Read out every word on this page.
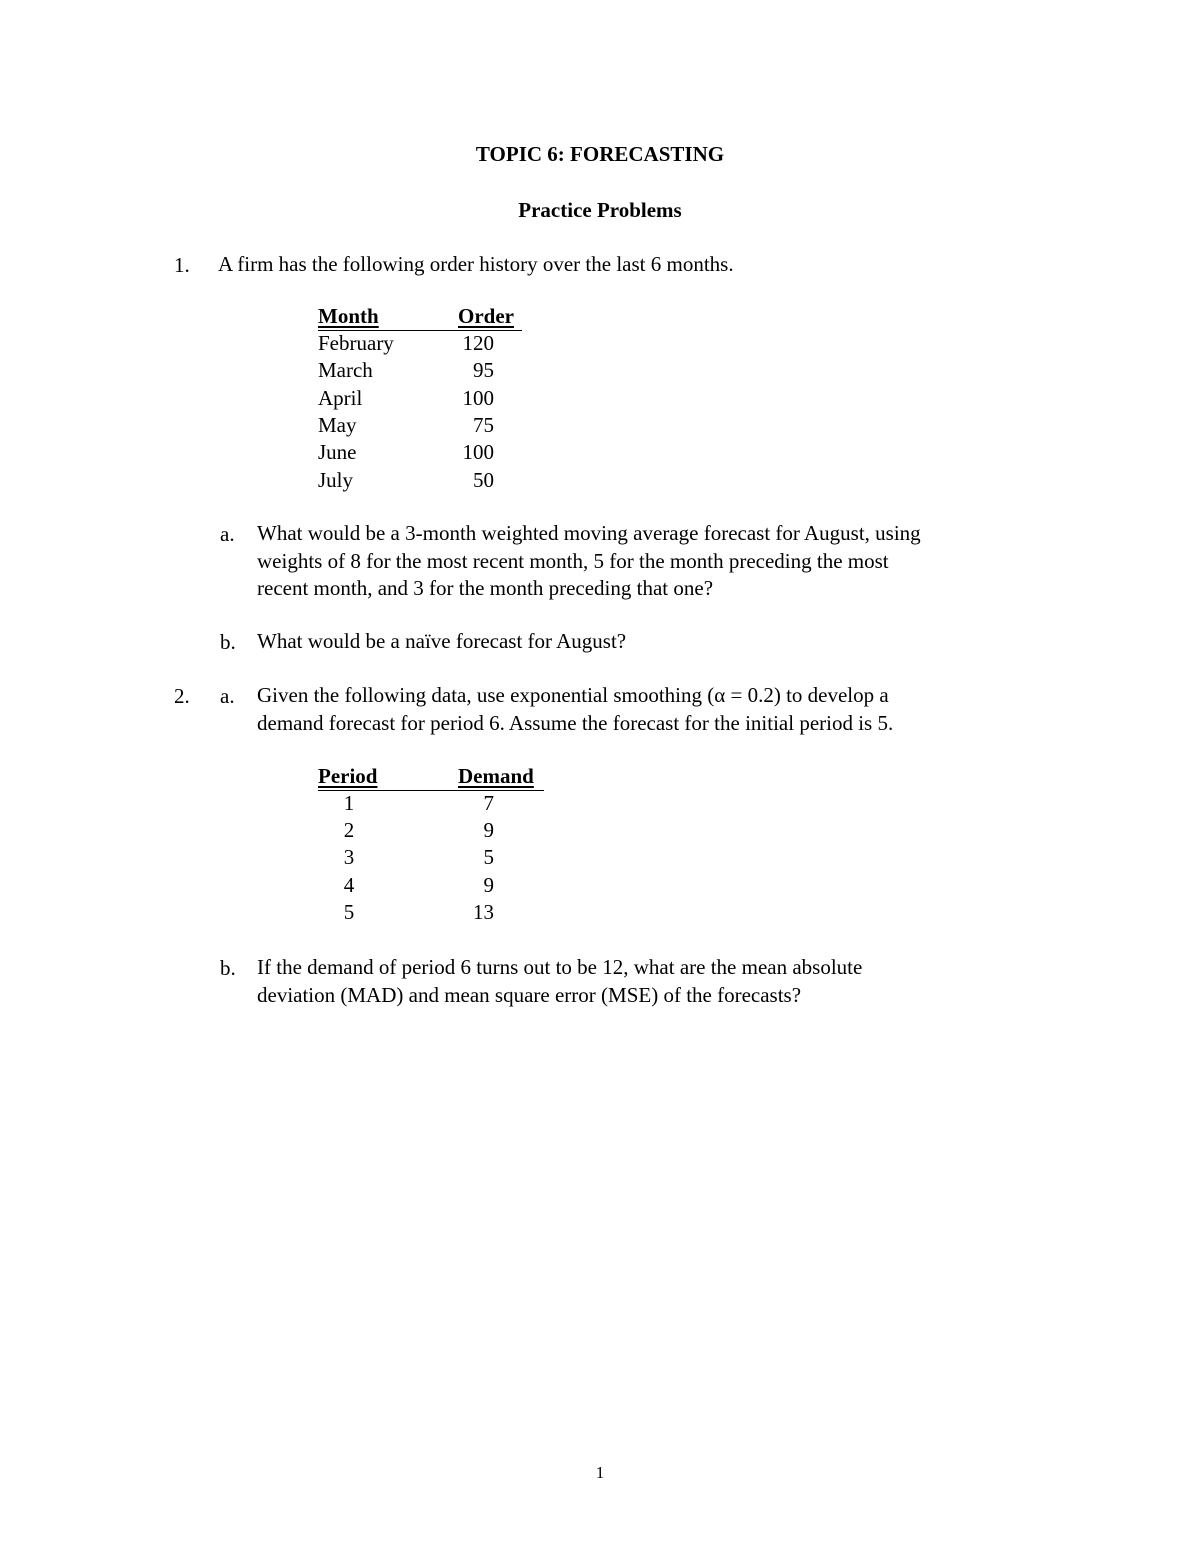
TOPIC 6: FORECASTING
Practice Problems
1. A firm has the following order history over the last 6 months.
Month	Order
February	120
March	95
April	100
May	75
June	100
July	50
a. What would be a 3-month weighted moving average forecast for August, using
weights of 8 for the most recent month, 5 for the month preceding the most
recent month, and 3 for the month preceding that one?
b. What would be a naïve forecast for August?
2. a. Given the following data, use exponential smoothing (α = 0.2) to develop a
demand forecast for period 6. Assume the forecast for the initial period is 5.
Period	Demand
1	7
2	9
3	5
4	9
5	13
b. If the demand of period 6 turns out to be 12, what are the mean absolute
deviation (MAD) and mean square error (MSE) of the forecasts?
1
